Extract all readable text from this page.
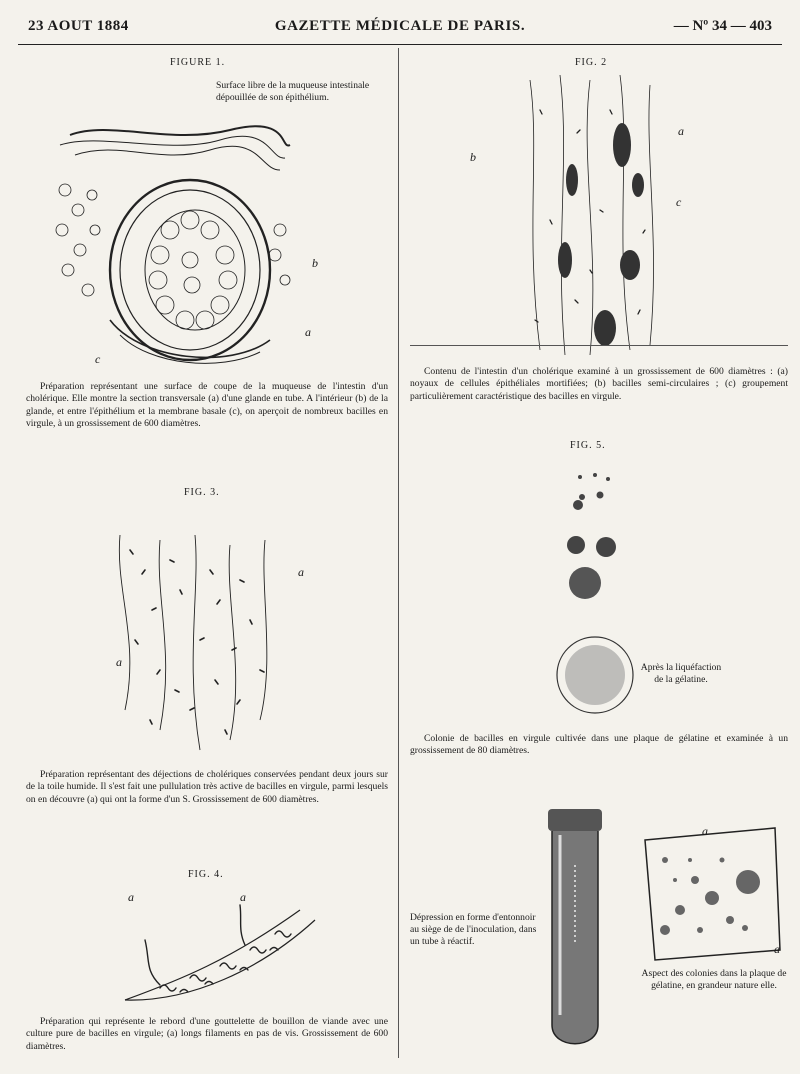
23 AOUT 1884	GAZETTE MÉDICALE DE PARIS.	— Nº 34 — 403
FIGURE 1.
Surface libre de la muqueuse intestinale dépouillée de son épithélium.
b
a
c
Préparation représentant une surface de coupe de la muqueuse de l'intestin d'un cholérique. Elle montre la section transversale (a) d'une glande en tube. A l'intérieur (b) de la glande, et entre l'épithélium et la membrane basale (c), on aperçoit de nombreux bacilles en virgule, à un grossissement de 600 diamètres.
FIG. 3.
a
a
Préparation représentant des déjections de cholériques conservées pendant deux jours sur de la toile humide. Il s'est fait une pullulation très active de bacilles en virgule, parmi lesquels on en découvre (a) qui ont la forme d'un S. Grossissement de 600 diamètres.
FIG. 4.
a	a
Préparation qui représente le rebord d'une gouttelette de bouillon de viande avec une culture pure de bacilles en virgule; (a) longs filaments en pas de vis. Grossissement de 600 diamètres.
FIG. 2
a
b
c
Contenu de l'intestin d'un cholérique examiné à un grossissement de 600 diamètres : (a) noyaux de cellules épithéliales mortifiées; (b) bacilles semi-circulaires ; (c) groupement particulièrement caractéristique des bacilles en virgule.
FIG. 5.
Après la liquéfaction de la gélatine.
Colonie de bacilles en virgule cultivée dans une plaque de gélatine et examinée à un grossissement de 80 diamètres.
Dépression en forme d'entonnoir au siège de de l'inoculation, dans un tube à réactif.
a
a
Aspect des colonies dans la plaque de gélatine, en grandeur nature elle.
